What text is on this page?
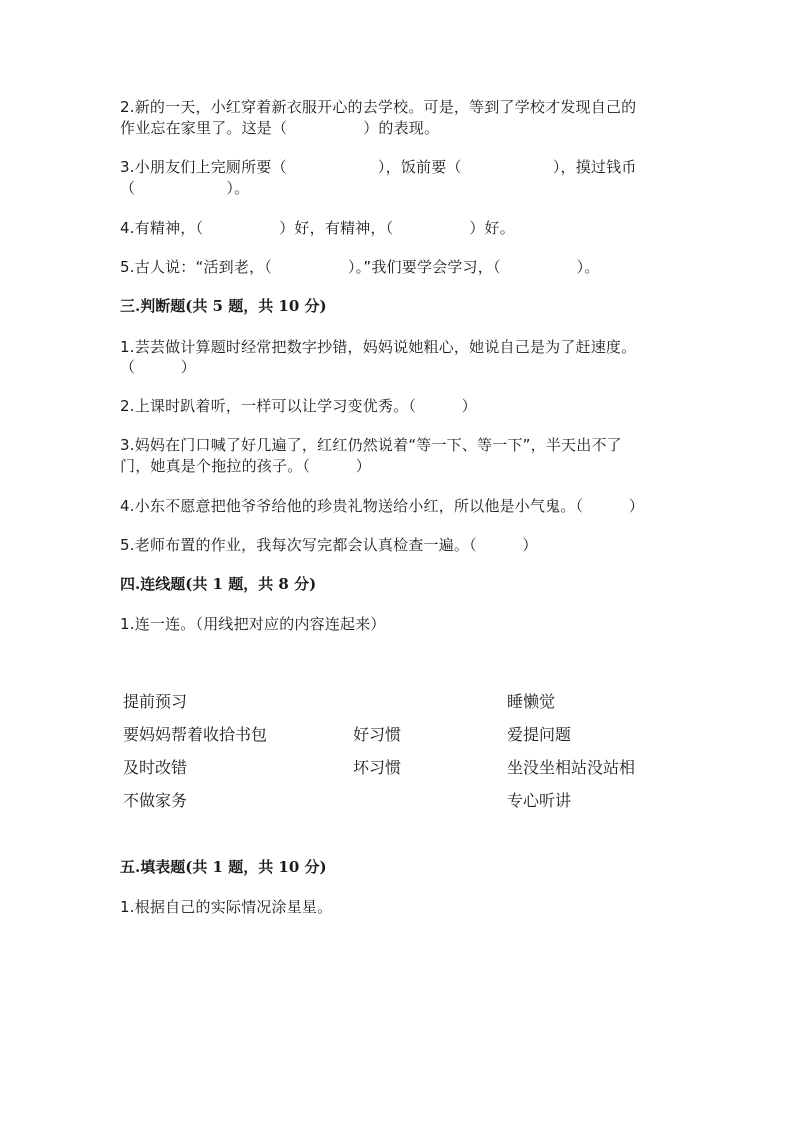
2.新的一天，小红穿着新衣服开心的去学校。可是，等到了学校才发现自己的
作业忘在家里了。这是（　　　　　）的表现。
3.小朋友们上完厕所要（　　　　　　），饭前要（　　　　　　），摸过钱币
（　　　　　　）。
4.有精神，（　　　　　）好，有精神，（　　　　　）好。
5.古人说：“活到老，（　　　　　）。”我们要学会学习，（　　　　　）。
三.判断题(共 5 题，共 10 分)
1.芸芸做计算题时经常把数字抄错，妈妈说她粗心，她说自己是为了赶速度。
（　　　）
2.上课时趴着听，一样可以让学习变优秀。（　　　）
3.妈妈在门口喊了好几遍了，红红仍然说着“等一下、等一下”，半天出不了
门，她真是个拖拉的孩子。（　　　）
4.小东不愿意把他爷爷给他的珍贵礼物送给小红，所以他是小气鬼。（　　　）
5.老师布置的作业，我每次写完都会认真检查一遍。（　　　）
四.连线题(共 1 题，共 8 分)
1.连一连。（用线把对应的内容连起来）
提前预习
要妈妈帮着收拾书包
及时改错
不做家务
好习惯
坏习惯
睡懒觉
爱提问题
坐没坐相站没站相
专心听讲
五.填表题(共 1 题，共 10 分)
1.根据自己的实际情况涂星星。
